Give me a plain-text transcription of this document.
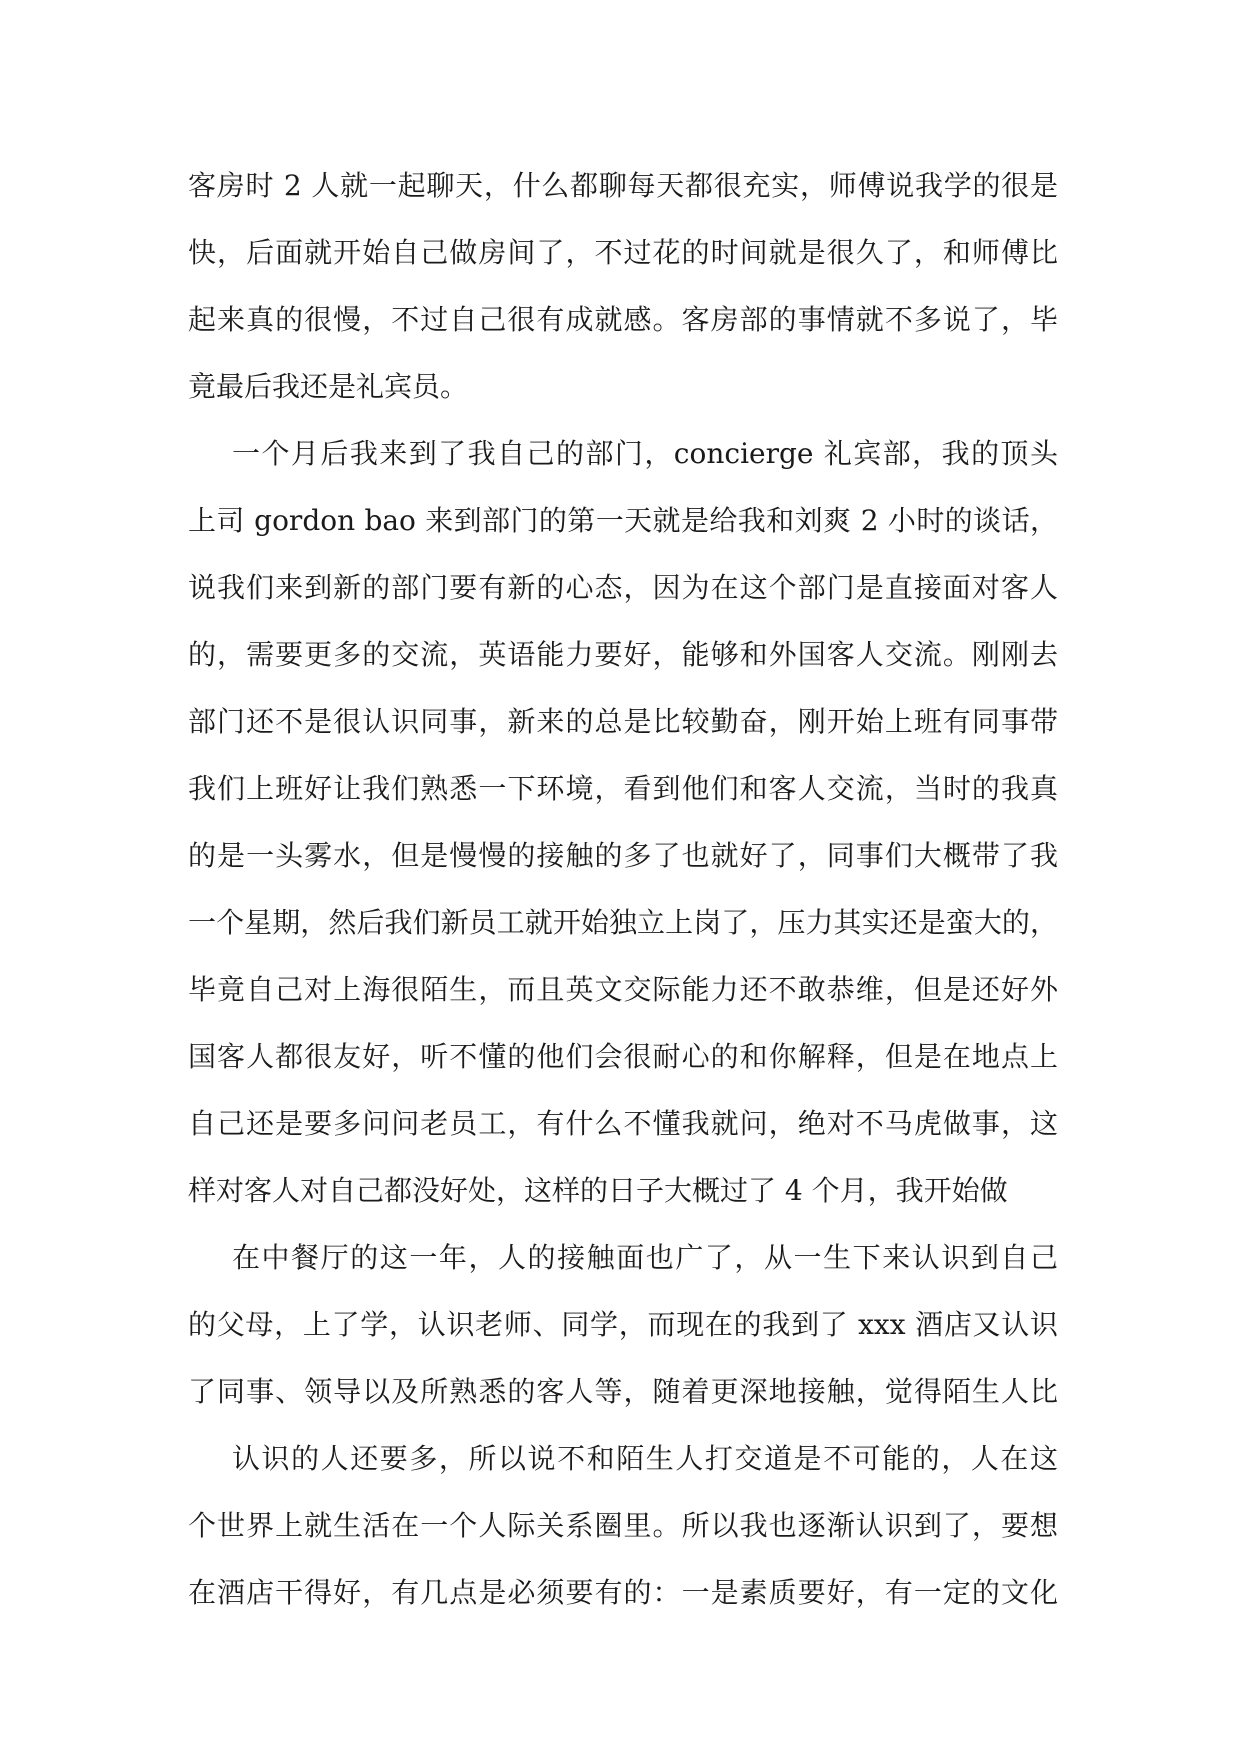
客房时 2 人就一起聊天，什么都聊每天都很充实，师傅说我学的很是
快，后面就开始自己做房间了，不过花的时间就是很久了，和师傅比
起来真的很慢，不过自己很有成就感。客房部的事情就不多说了，毕
竟最后我还是礼宾员。
一个月后我来到了我自己的部门，concierge 礼宾部，我的顶头
上司 gordon bao 来到部门的第一天就是给我和刘爽 2 小时的谈话，
说我们来到新的部门要有新的心态，因为在这个部门是直接面对客人
的，需要更多的交流，英语能力要好，能够和外国客人交流。刚刚去
部门还不是很认识同事，新来的总是比较勤奋，刚开始上班有同事带
我们上班好让我们熟悉一下环境，看到他们和客人交流，当时的我真
的是一头雾水，但是慢慢的接触的多了也就好了，同事们大概带了我
一个星期，然后我们新员工就开始独立上岗了，压力其实还是蛮大的，
毕竟自己对上海很陌生，而且英文交际能力还不敢恭维，但是还好外
国客人都很友好，听不懂的他们会很耐心的和你解释，但是在地点上
自己还是要多问问老员工，有什么不懂我就问，绝对不马虎做事，这
样对客人对自己都没好处，这样的日子大概过了 4 个月，我开始做
在中餐厅的这一年，人的接触面也广了，从一生下来认识到自己
的父母，上了学，认识老师、同学，而现在的我到了 xxx 酒店又认识
了同事、领导以及所熟悉的客人等，随着更深地接触，觉得陌生人比
认识的人还要多，所以说不和陌生人打交道是不可能的，人在这
个世界上就生活在一个人际关系圈里。所以我也逐渐认识到了，要想
在酒店干得好，有几点是必须要有的：一是素质要好，有一定的文化
